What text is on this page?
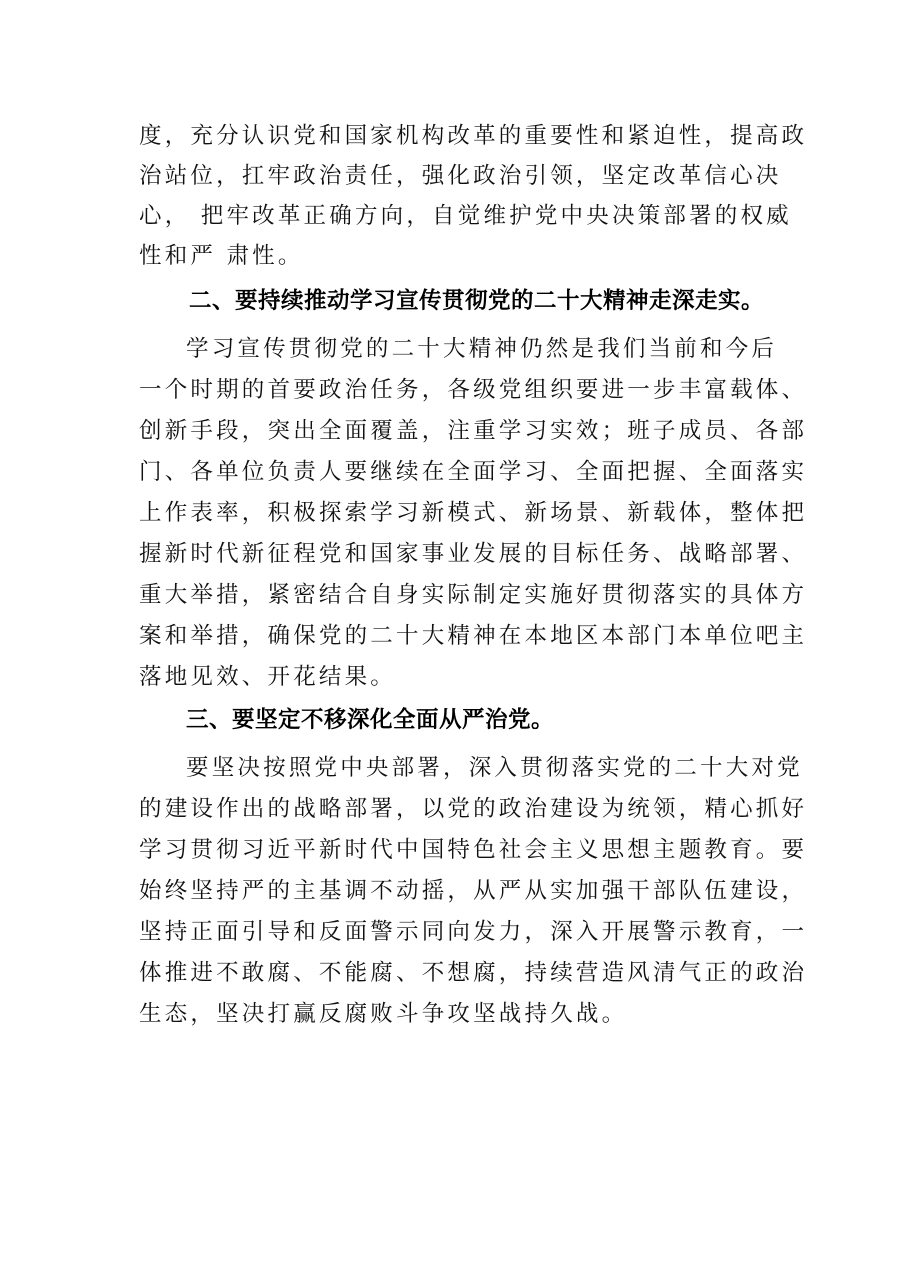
度，充分认识党和国家机构改革的重要性和紧迫性，提高政
治站位，扛牢政治责任，强化政治引领，坚定改革信心决
心， 把牢改革正确方向，自觉维护党中央决策部署的权威
性和严 肃性。
二、要持续推动学习宣传贯彻党的二十大精神走深走实。
学习宣传贯彻党的二十大精神仍然是我们当前和今后
一个时期的首要政治任务，各级党组织要进一步丰富载体、
创新手段，突出全面覆盖，注重学习实效；班子成员、各部
门、各单位负责人要继续在全面学习、全面把握、全面落实
上作表率，积极探索学习新模式、新场景、新载体，整体把
握新时代新征程党和国家事业发展的目标任务、战略部署、
重大举措，紧密结合自身实际制定实施好贯彻落实的具体方
案和举措，确保党的二十大精神在本地区本部门本单位吧主
落地见效、开花结果。
三、要坚定不移深化全面从严治党。
要坚决按照党中央部署，深入贯彻落实党的二十大对党
的建设作出的战略部署，以党的政治建设为统领，精心抓好
学习贯彻习近平新时代中国特色社会主义思想主题教育。要
始终坚持严的主基调不动摇，从严从实加强干部队伍建设，
坚持正面引导和反面警示同向发力，深入开展警示教育，一
体推进不敢腐、不能腐、不想腐，持续营造风清气正的政治
生态，坚决打赢反腐败斗争攻坚战持久战。
